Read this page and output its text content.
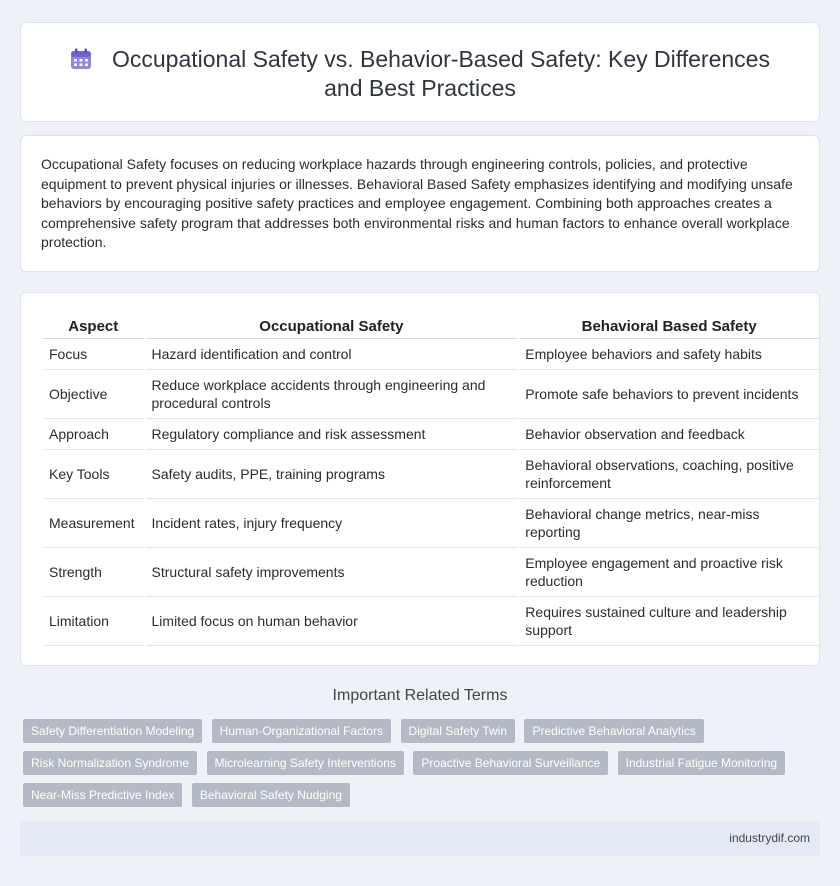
Occupational Safety vs. Behavior-Based Safety: Key Differences and Best Practices

Occupational Safety focuses on reducing workplace hazards through engineering controls, policies, and protective equipment to prevent physical injuries or illnesses. Behavioral Based Safety emphasizes identifying and modifying unsafe behaviors by encouraging positive safety practices and employee engagement. Combining both approaches creates a comprehensive safety program that addresses both environmental risks and human factors to enhance overall workplace protection.

Aspect	Occupational Safety	Behavioral Based Safety
Focus	Hazard identification and control	Employee behaviors and safety habits
Objective	Reduce workplace accidents through engineering and procedural controls	Promote safe behaviors to prevent incidents
Approach	Regulatory compliance and risk assessment	Behavior observation and feedback
Key Tools	Safety audits, PPE, training programs	Behavioral observations, coaching, positive reinforcement
Measurement	Incident rates, injury frequency	Behavioral change metrics, near-miss reporting
Strength	Structural safety improvements	Employee engagement and proactive risk reduction
Limitation	Limited focus on human behavior	Requires sustained culture and leadership support
Important Related Terms
Safety Differentiation Modeling Human-Organizational Factors Digital Safety Twin Predictive Behavioral Analytics
Risk Normalization Syndrome Microlearning Safety Interventions Proactive Behavioral Surveillance Industrial Fatigue Monitoring
Near-Miss Predictive Index Behavioral Safety Nudging
industrydif.com
